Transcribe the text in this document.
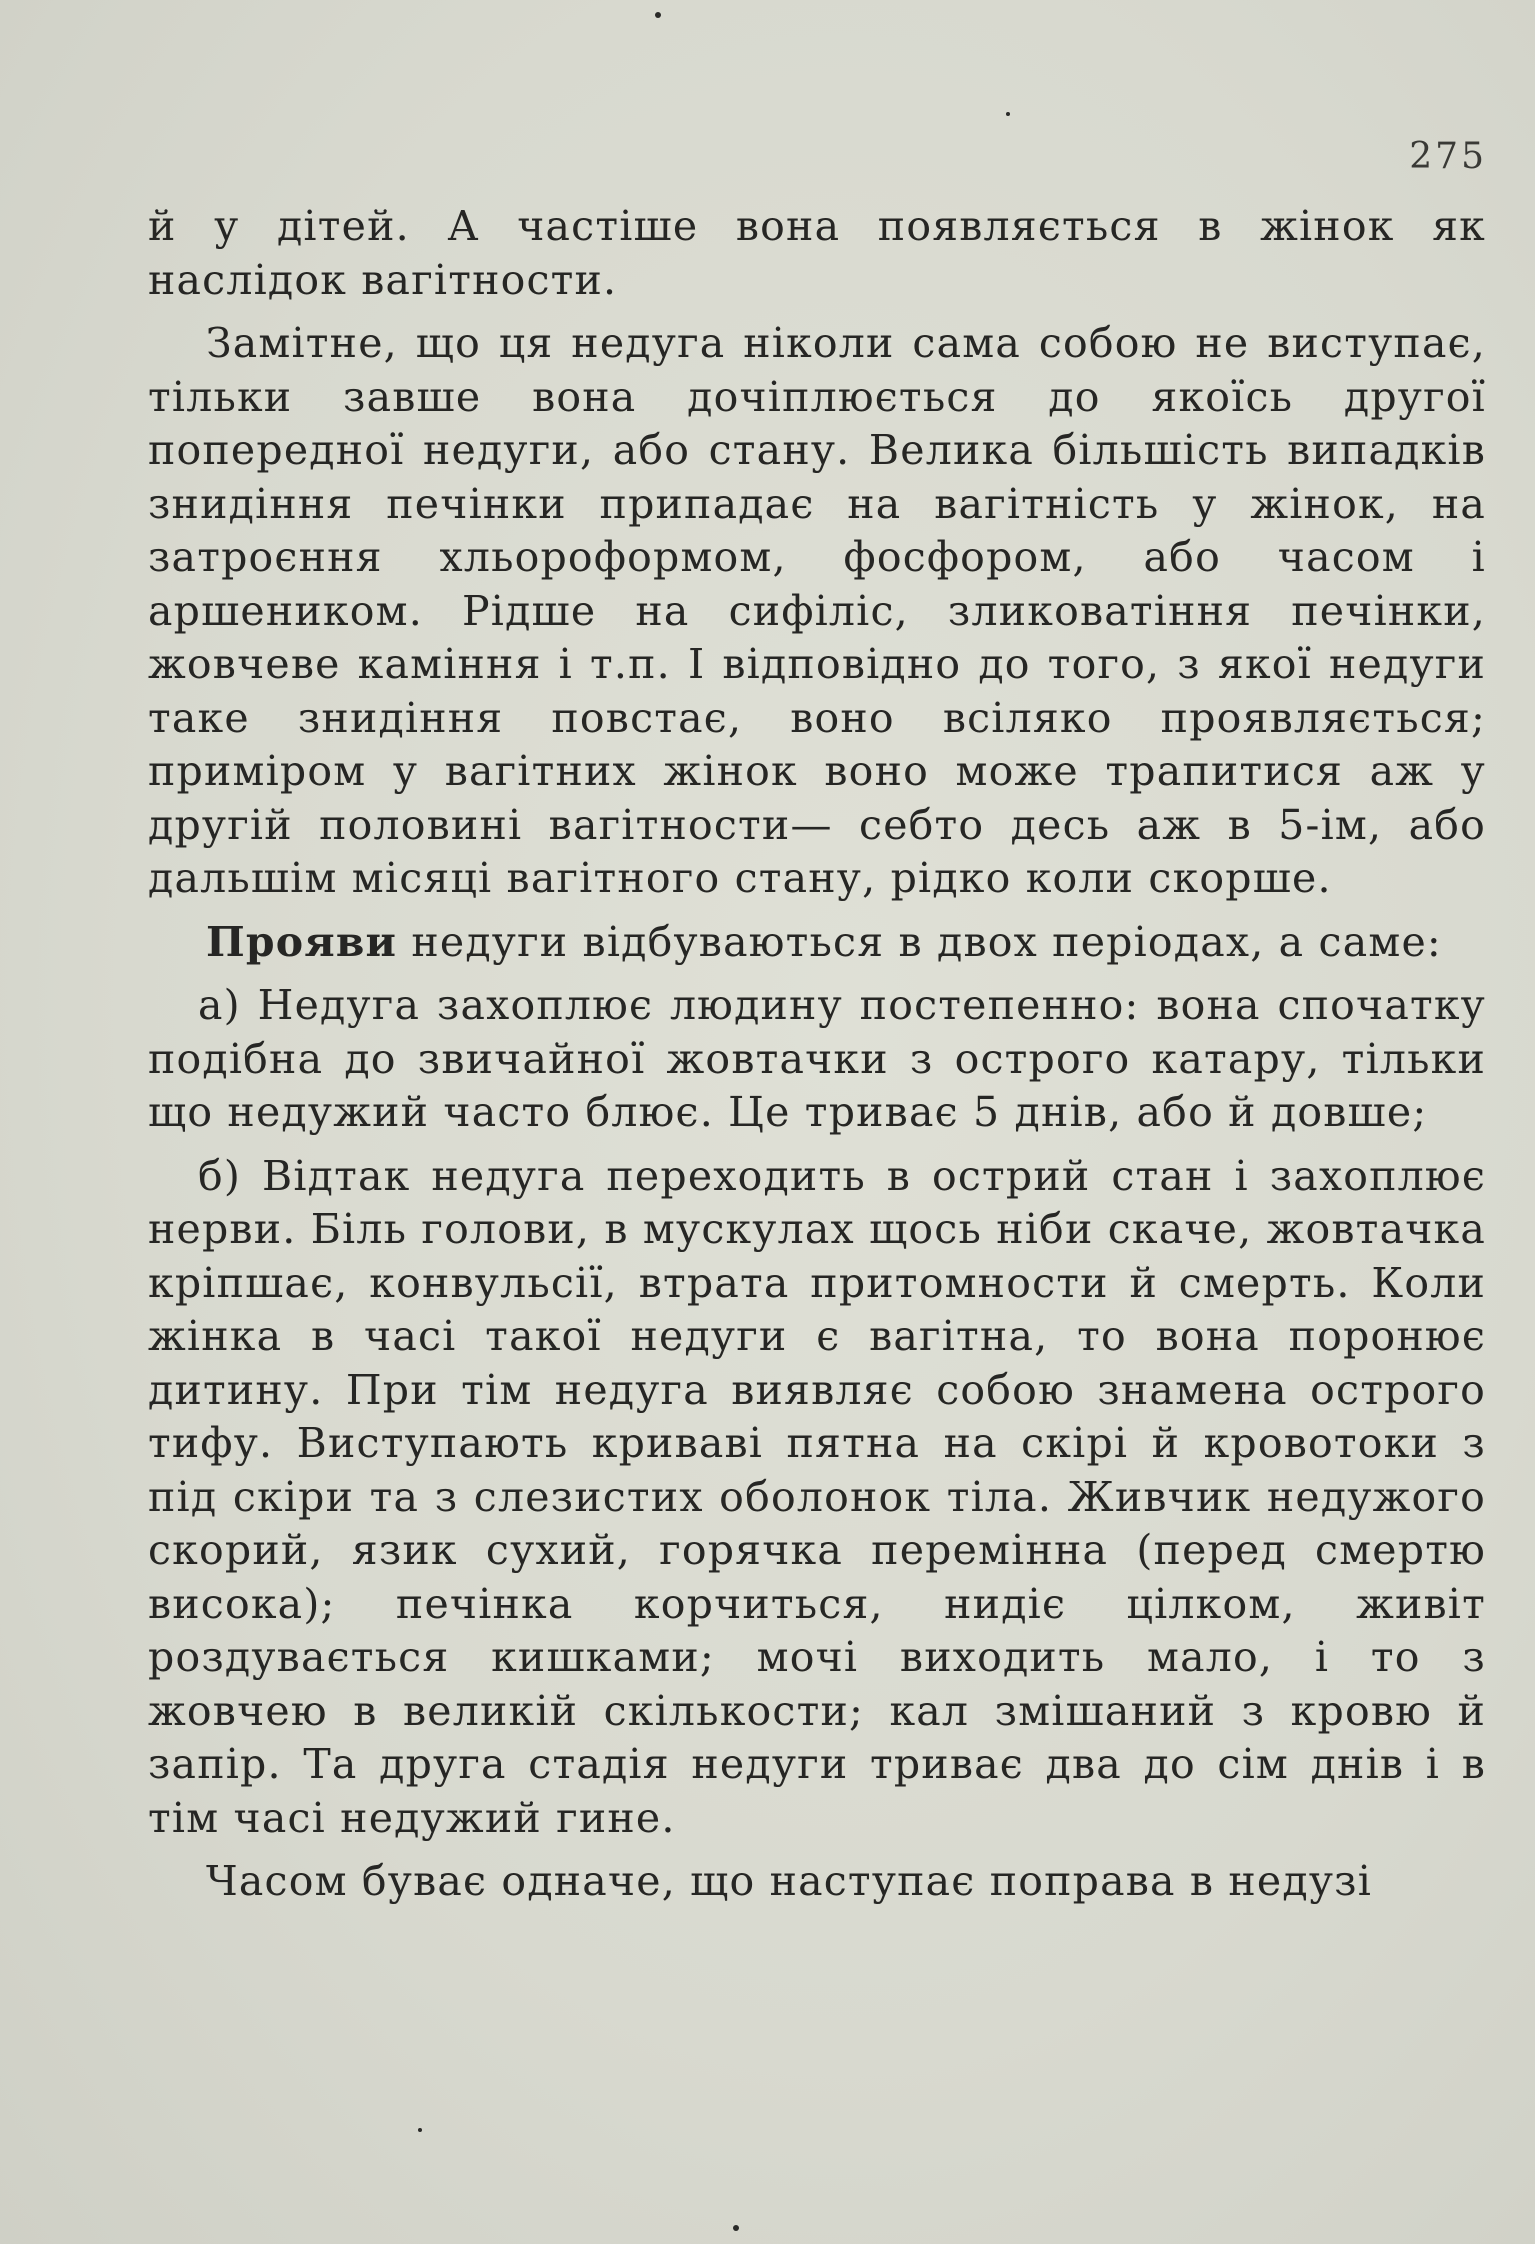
275

й у дітей. А частіше вона появляється в жінок як наслідок вагітности.

Замітне, що ця недуга ніколи сама собою не виступає, тільки завше вона дочіплюється до якоїсь другої попередної недуги, або стану. Велика більшість випадків знидіння печінки припадає на вагітність у жінок, на затроєння хльороформом, фосфором, або часом і аршеником. Рідше на сифіліс, зликоватіння печінки, жовчеве каміння і т.п. І відповідно до того, з якої недуги таке знидіння повстає, воно всіляко проявляється; приміром у вагітних жінок воно може трапитися аж у другій половині вагітности— себто десь аж в 5-ім, або дальшім місяці вагітного стану, рідко коли скорше.

Прояви недуги відбуваються в двох періодах, а саме:

а) Недуга захоплює людину постепенно: вона спочатку подібна до звичайної жовтачки з острого катару, тільки що недужий часто блює. Це триває 5 днів, або й довше;

б) Відтак недуга переходить в острий стан і захоплює нерви. Біль голови, в мускулах щось ніби скаче, жовтачка кріпшає, конвульсії, втрата притомности й смерть. Коли жінка в часі такої недуги є вагітна, то вона поронює дитину. При тім недуга виявляє собою знамена острого тифу. Виступають криваві пятна на скірі й кровотоки з під скіри та з слезистих оболонок тіла. Живчик недужого скорий, язик сухий, горячка перемінна (перед смертю висока); печінка корчиться, нидіє цілком, живіт роздувається кишками; мочі виходить мало, і то з жовчею в великій скількости; кал змішаний з кровю й запір. Та друга стадія недуги триває два до сім днів і в тім часі недужий гине.

Часом буває одначе, що наступає поправа в недузі
